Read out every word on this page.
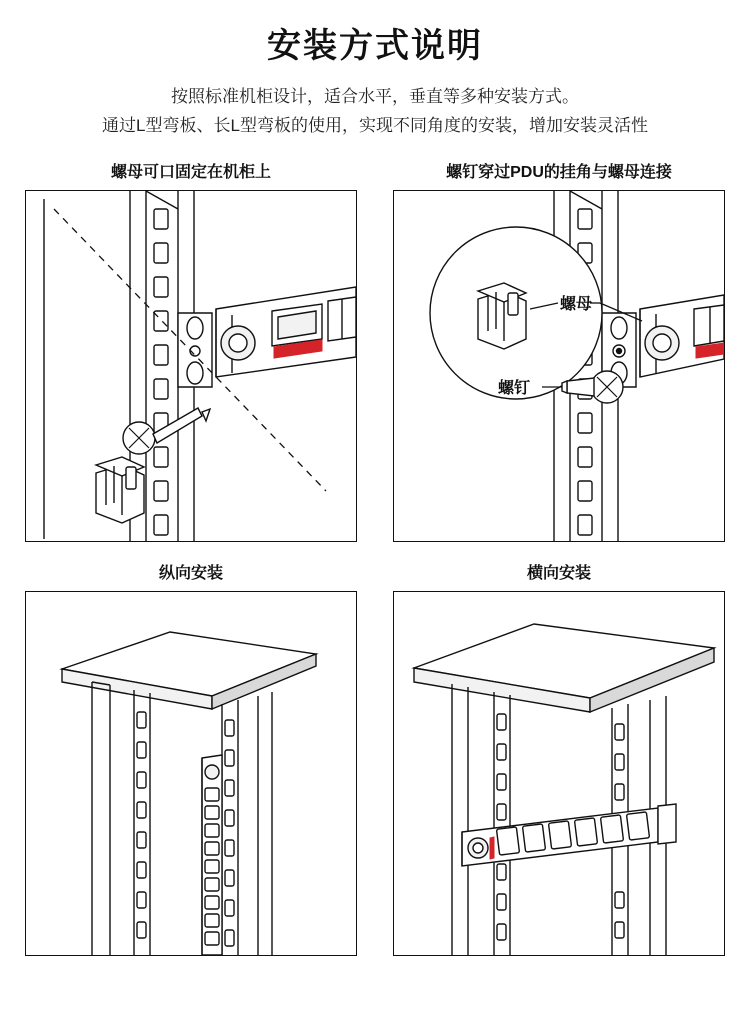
安装方式说明
按照标准机柜设计，适合水平，垂直等多种安装方式。
通过L型弯板、长L型弯板的使用，实现不同角度的安装，增加安装灵活性
螺母可口固定在机柜上	螺钉穿过PDU的挂角与螺母连接
螺母
螺钉
纵向安装	横向安装
